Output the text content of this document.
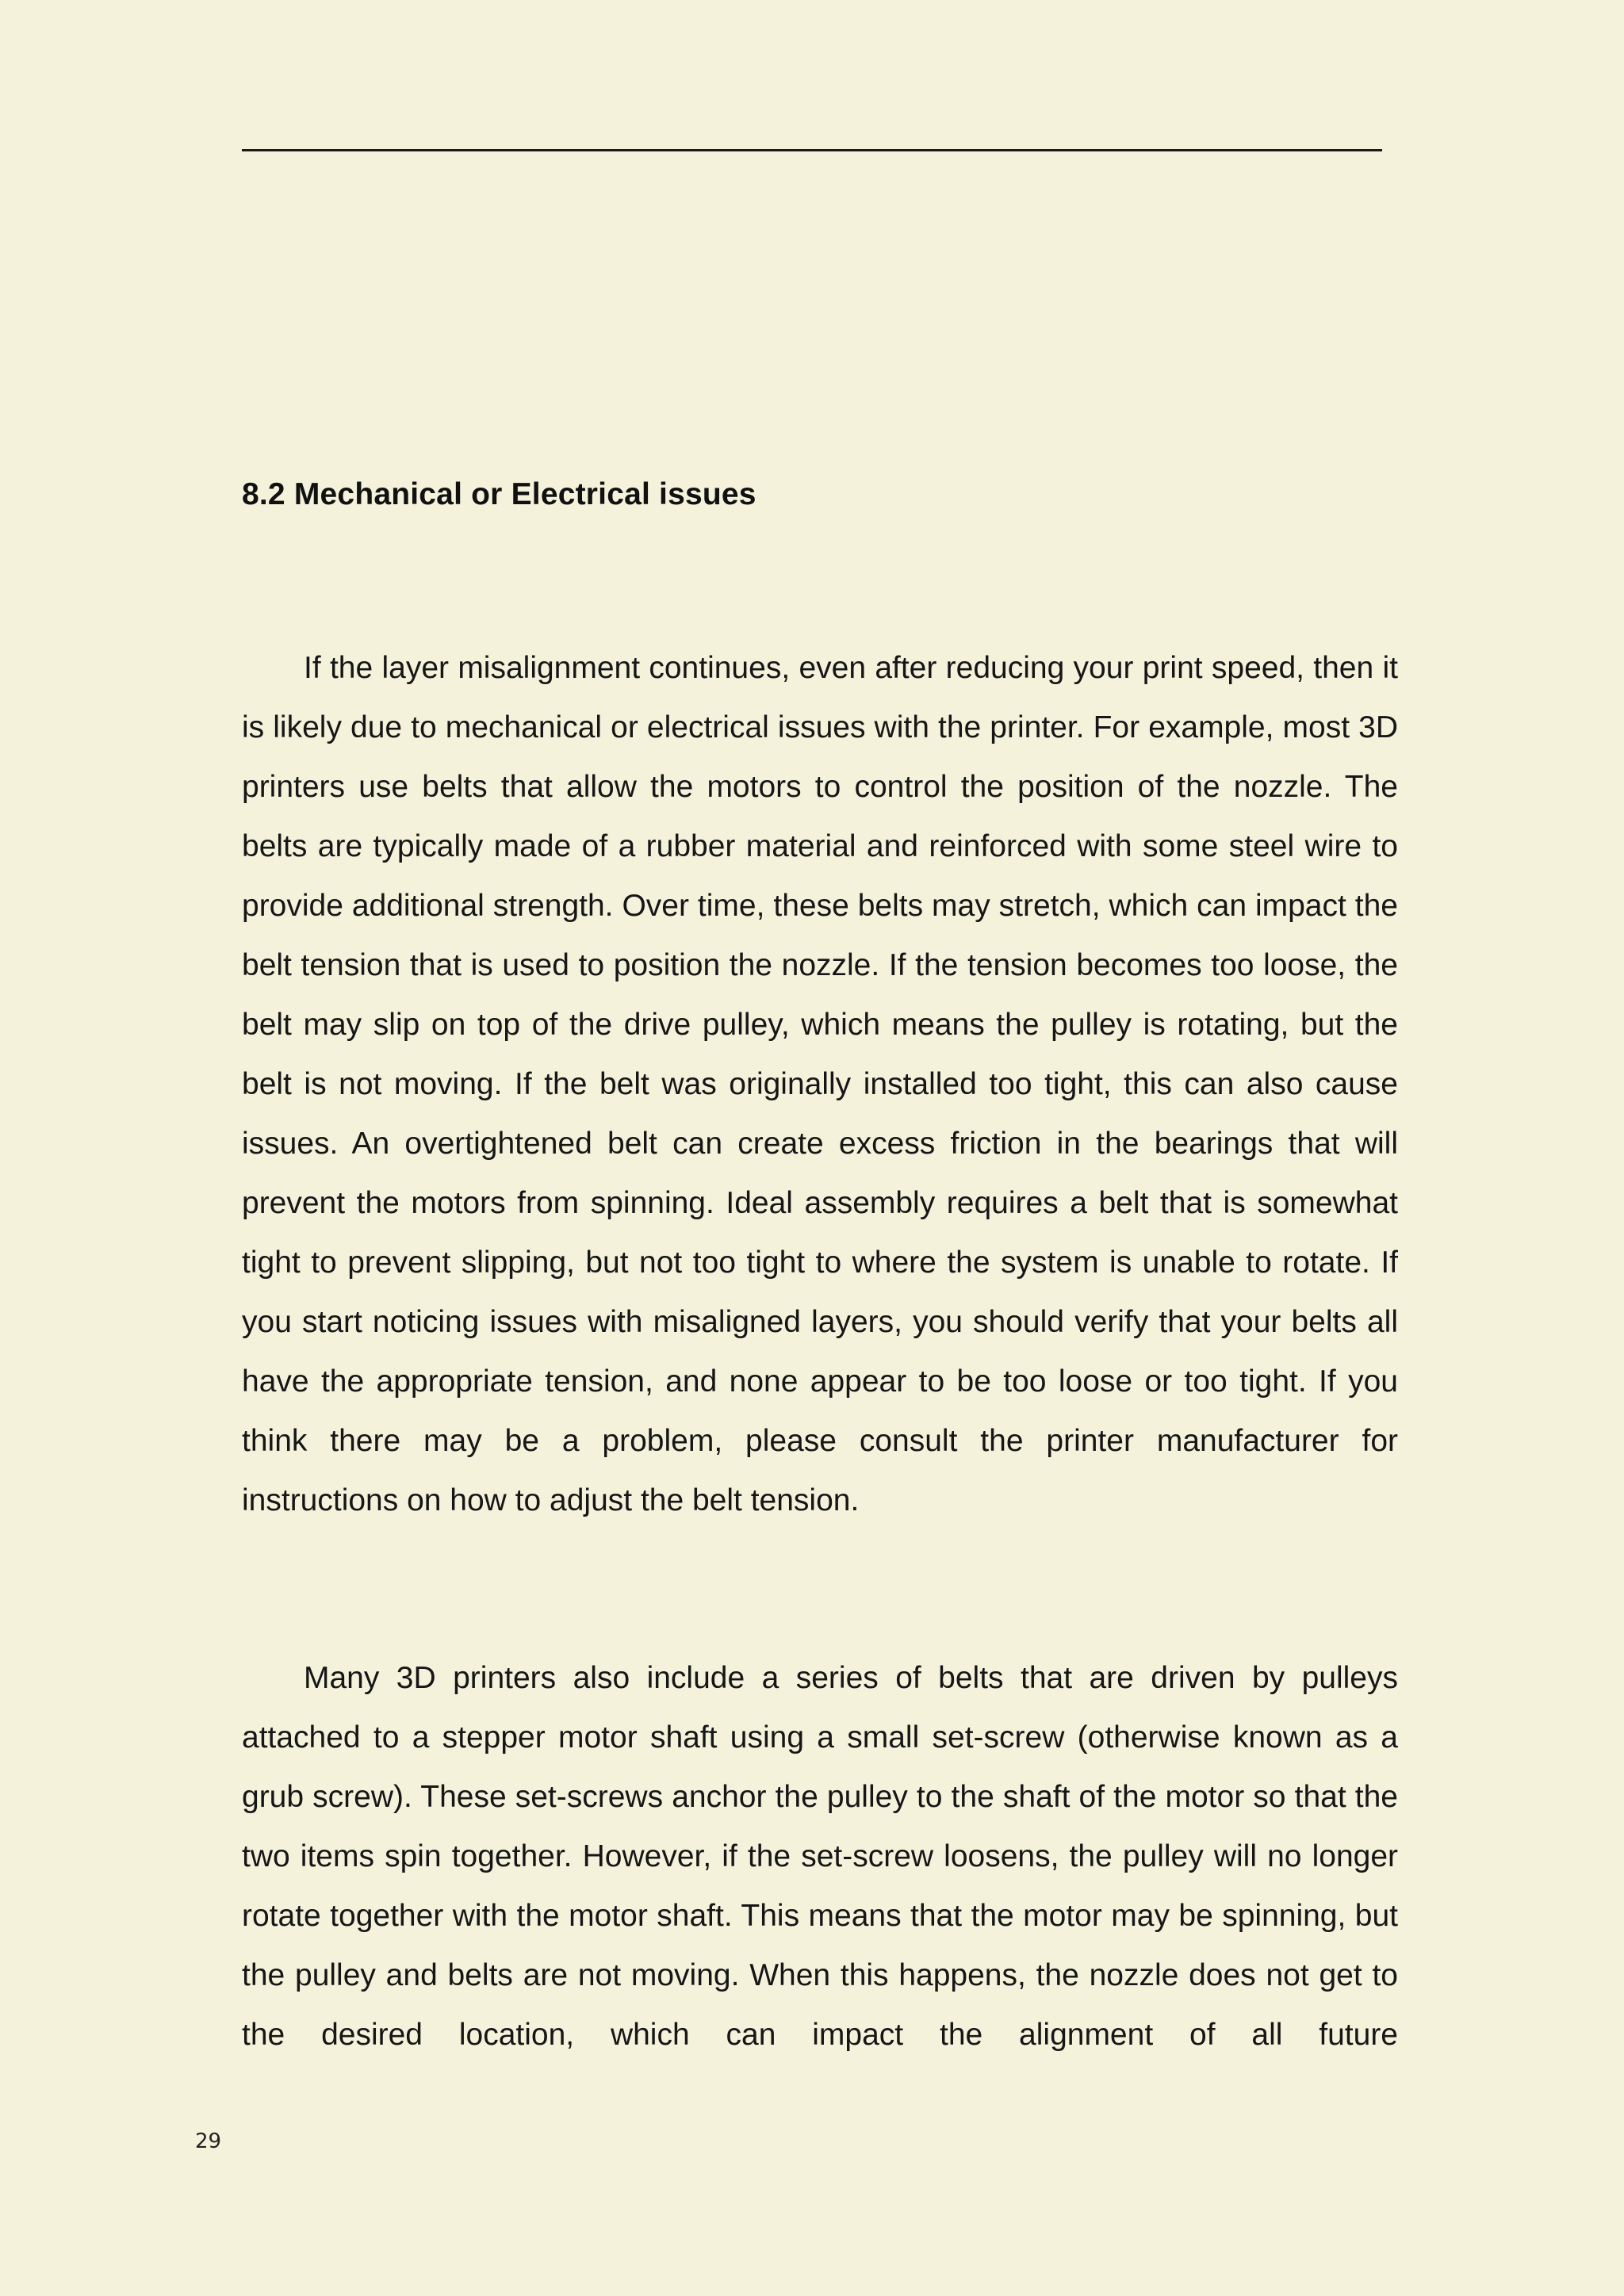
8.2 Mechanical or Electrical issues

If the layer misalignment continues, even after reducing your print speed, then it is likely due to mechanical or electrical issues with the printer. For example, most 3D printers use belts that allow the motors to control the position of the nozzle. The belts are typically made of a rubber material and reinforced with some steel wire to provide additional strength. Over time, these belts may stretch, which can impact the belt tension that is used to position the nozzle. If the tension becomes too loose, the belt may slip on top of the drive pulley, which means the pulley is rotating, but the belt is not moving. If the belt was originally installed too tight, this can also cause issues. An overtightened belt can create excess friction in the bearings that will prevent the motors from spinning. Ideal assembly requires a belt that is somewhat tight to prevent slipping, but not too tight to where the system is unable to rotate. If you start noticing issues with misaligned layers, you should verify that your belts all have the appropriate tension, and none appear to be too loose or too tight. If you think there may be a problem, please consult the printer manufacturer for instructions on how to adjust the belt tension.

Many 3D printers also include a series of belts that are driven by pulleys attached to a stepper motor shaft using a small set-screw (otherwise known as a grub screw). These set-screws anchor the pulley to the shaft of the motor so that the two items spin together. However, if the set-screw loosens, the pulley will no longer rotate together with the motor shaft. This means that the motor may be spinning, but the pulley and belts are not moving. When this happens, the nozzle does not get to the desired location, which can impact the alignment of all future

29
